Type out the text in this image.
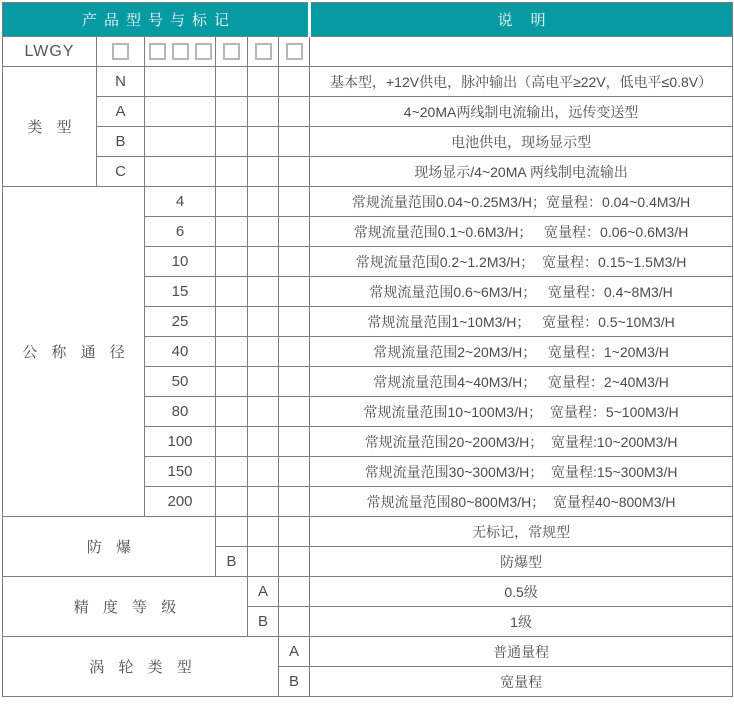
产品型号与标记						说 明
LWGY						
类 型	N					基本型，+12V供电，脉冲输出（高电平≥22V，低电平≤0.8V）
	A					4~20MA两线制电流输出，远传变送型
	B					电池供电，现场显示型
	C					现场显示/4~20MA 两线制电流输出
公 称 通 径		4				常规流量范围0.04~0.25M3/H；宽量程：0.04~0.4M3/H
		6				常规流量范围0.1~0.6M3/H；   宽量程：0.06~0.6M3/H
		10				常规流量范围0.2~1.2M3/H；  宽量程：0.15~1.5M3/H
		15				常规流量范围0.6~6M3/H；   宽量程：0.4~8M3/H
		25				常规流量范围1~10M3/H；   宽量程：0.5~10M3/H
		40				常规流量范围2~20M3/H；   宽量程：1~20M3/H
		50				常规流量范围4~40M3/H；   宽量程：2~40M3/H
		80				常规流量范围10~100M3/H；  宽量程：5~100M3/H
		100				常规流量范围20~200M3/H；  宽量程:10~200M3/H
		150				常规流量范围30~300M3/H；  宽量程:15~300M3/H
		200				常规流量范围80~800M3/H；  宽量程40~800M3/H
防 爆						无标记，常规型
			B			防爆型
精 度 等 级				A		0.5级
				B		1级
涡 轮 类 型					A	普通量程
					B	宽量程
